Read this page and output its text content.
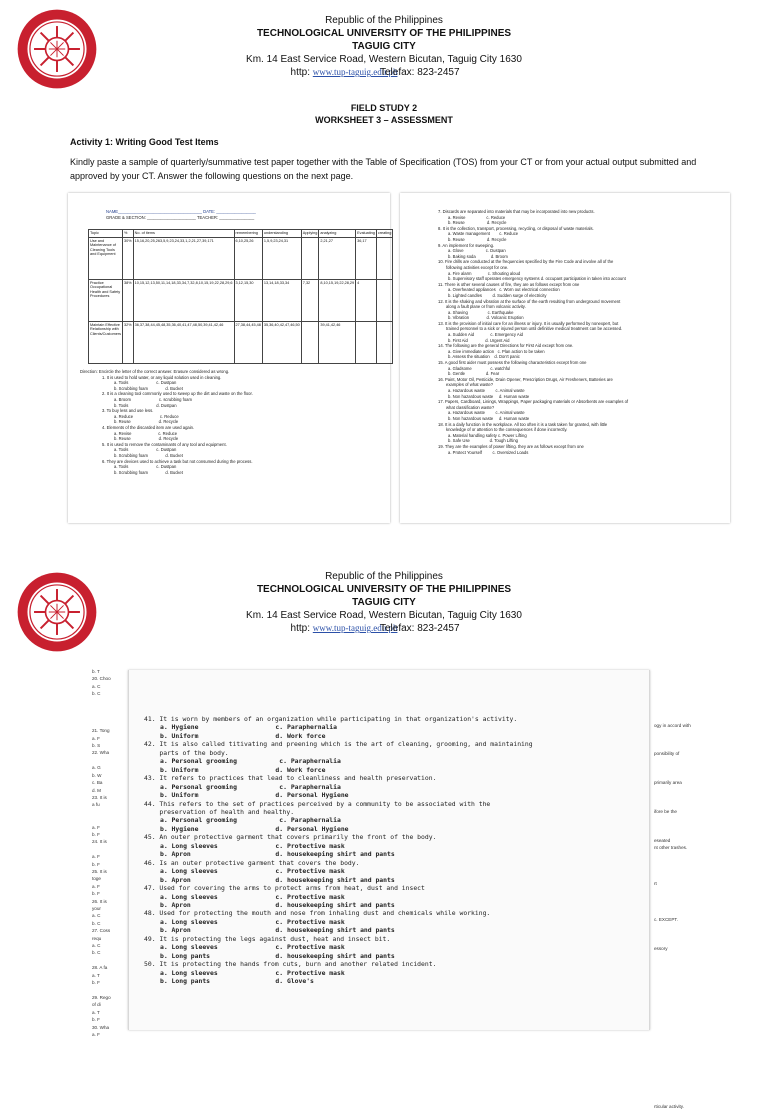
Republic of the Philippines
TECHNOLOGICAL UNIVERSITY OF THE PHILIPPINES
TAGUIG CITY
Km. 14 East Service Road, Western Bicutan, Taguig City 1630
http: www.tup-taguig.edu.ph
Telefax: 823-2457
FIELD STUDY 2
WORKSHEET 3 – ASSESSMENT
Activity 1: Writing Good Test Items
Kindly paste a sample of quarterly/summative test paper together with the Table of Specification (TOS) from your CT or from your actual output submitted and approved by your CT. Answer the following questions on the next page.
NAME____________________________________ DATE: _________________
GRADE & SECTION: _____________________ TEACHER: _______________
Topic	%	No. of items	remembering	understanding	Applying	analyzing	Evaluating	creating
Use and Maintenance of Cleaning Tools and Equipment	30%	15,16,20,25,263,5,9,23,24,33,1,2,21,27,39,171	6,10,25,26	1,5,9,23,24,31		2,21,27	36,17	
Practice Occupational Health and Safety Procedures	38%	10,15,12,13,50,11,14,18,33,34,7,32,8,10,15,19,22,28,29,6	3,12,15,30	13,14,18,33,34	7,32	8,10,15,19,22,28,29	4	
Maintain Effective Relationship with Clients/Customers	32%	36,37,38,44,45,48,35,36,40,41,47,48,50,39,41,42,46	27,38,44,45,48	35,36,40,42,47,46,50		39,41,42,46		
Direction: Encircle the letter of the correct answer. Erasure considered as wrong.
1. It is used to hold water, or any liquid solution used in cleaning.
a. Tools                        c. Dustpan
b. Scrubbing foam               d. Bucket
2. It is a cleaning tool commonly used to sweep up the dirt and waste on the floor.
a. Broom                        c. scrubbing foam
b. Tools                        d. Dustpan
3. To buy less and use less.
a. Reduce                       c. Reduce
b. Reuse                        d. Recycle
4. Elements of the discarded item are used again.
a. Revise                       c. Reduce
b. Reuse                        d. Recycle
5. It is used to remove the contaminants of any tool and equipment.
a. Tools                        c. Dustpan
b. Scrubbing foam               d. Bucket
6. They are devices used to achieve a task but not consumed during the process.
a. Tools                        c. Dustpan
b. Scrubbing foam               d. Bucket
7. Discards are separated into materials that may be incorporated into new products.
a. Revise                  c. Reduce
b. Reuse                   d. Recycle
8. It is the collection, transport, processing, recycling, or disposal of waste materials.
a. Waste management        c. Reduce
b. Reuse                   d. Recycle
9. An implement for sweeping.
a. Glove                   c. Dustpan
b. Baking soda             d. Broom
10. Fire drills are conducted at the frequencies specified by the Fire Code and involve all of the
following activities except for one.
a. Fire alarm              c. Shouting aloud
b. Supervisory staff operates emergency systems d. occupant participation in taken into account
11. There is other several causes of fire, they are as follows except from one
a. Overheated appliances   c. Worn out electrical connection
b. Lighted candles         d. Sudden surge of electricity
12. It is the shaking and vibration at the surface of the earth resulting from underground movement
along a fault plane or from volcanic activity.
a. Shaving                 c. Earthquake
b. Vibration               d. Volcanic Eruption
13. It is the provision of initial care for an illness or injury. It is usually performed by nonexpert, but
trained personnel to a sick or injured person until definitive medical treatment can be accessed.
a. Sudden Aid              c. Emergency Aid
b. First Aid               d. Urgent Aid
14. The following are the general Directions for First Aid except from one.
a. Give immediate action   c. Plan action to be taken
b. Assess the situation    d. Don't panic
15. A good first aider must possess the following characteristics except from one
a. Gladsome                c. watchful
b. Gentle                  d. Fear
16. Paint, Motor Oil, Pesticide, Drain Opener, Prescription Drugs, Air Fresheners, Batteries are
examples of what waste?
a. Hazardous waste         c. Animal waste
b. Non hazardous waste     d. Human waste
17. Papers, Cardboard, Linings, Wrappings, Paper packaging materials or Absorbents are examples of
what classification waste?
a. Hazardous waste         c. Animal waste
b. Non hazardous waste     d. Human waste
18. It is a daily function in the workplace. All too often it is a task taken for granted, with little
knowledge of or attention to the consequences if done incorrectly.
a. Material handling safety c. Power Lifting
b. Safe Use                 d. Tough Lifting
19. They are the examples of power lifting. they are as follows except from one
a. Protect Yourself         c. Oversized Loads
Republic of the Philippines
TECHNOLOGICAL UNIVERSITY OF THE PHILIPPINES
TAGUIG CITY
Km. 14 East Service Road, Western Bicutan, Taguig City 1630
http: www.tup-taguig.edu.ph
Telefax: 823-2457
b. T
20. Choo
a. C
b. C

21. Tong
a. F
b. S
22. Wha

a. G
b. W
c. Ba
d. M
23. It is
a fu

a. F
b. F
24. It is

a. F
b. F
25. It is
toge
a. F
b. F
26. It is
your
a. C
b. C
27. Coss
requ
a. C
b. C

28. A fa
a. T
b. F

29. Rego
of di
a. T
b. F
30. Wha
a. F

ogy in accord with

ponsibility of

primarily area

ifore be the

eseated
nt other trashes.

rt

c. EXCEPT.

essory

rticular activity.
41. It is worn by members of an organization while participating in that organization's activity.
a. Hygiene                    c. Paraphernalia
b. Uniform                    d. Work force
42. It is also called titivating and preening which is the art of cleaning, grooming, and maintaining
parts of the body.
a. Personal grooming           c. Paraphernalia
b. Uniform                    d. Work force
43. It refers to practices that lead to cleanliness and health preservation.
a. Personal grooming           c. Paraphernalia
b. Uniform                    d. Personal Hygiene
44. This refers to the set of practices perceived by a community to be associated with the
preservation of health and healthy.
a. Personal grooming           c. Paraphernalia
b. Hygiene                    d. Personal Hygiene
45. An outer protective garment that covers primarily the front of the body.
a. Long sleeves               c. Protective mask
b. Apron                      d. housekeeping shirt and pants
46. Is an outer protective garment that covers the body.
a. Long sleeves               c. Protective mask
b. Apron                      d. housekeeping shirt and pants
47. Used for covering the arms to protect arms from heat, dust and insect
a. Long sleeves               c. Protective mask
b. Apron                      d. housekeeping shirt and pants
48. Used for protecting the mouth and nose from inhaling dust and chemicals while working.
a. Long sleeves               c. Protective mask
b. Apron                      d. housekeeping shirt and pants
49. It is protecting the legs against dust, heat and insect bit.
a. Long sleeves               c. Protective mask
b. Long pants                 d. housekeeping shirt and pants
50. It is protecting the hands from cuts, burn and another related incident.
a. Long sleeves               c. Protective mask
b. Long pants                 d. Glove's
